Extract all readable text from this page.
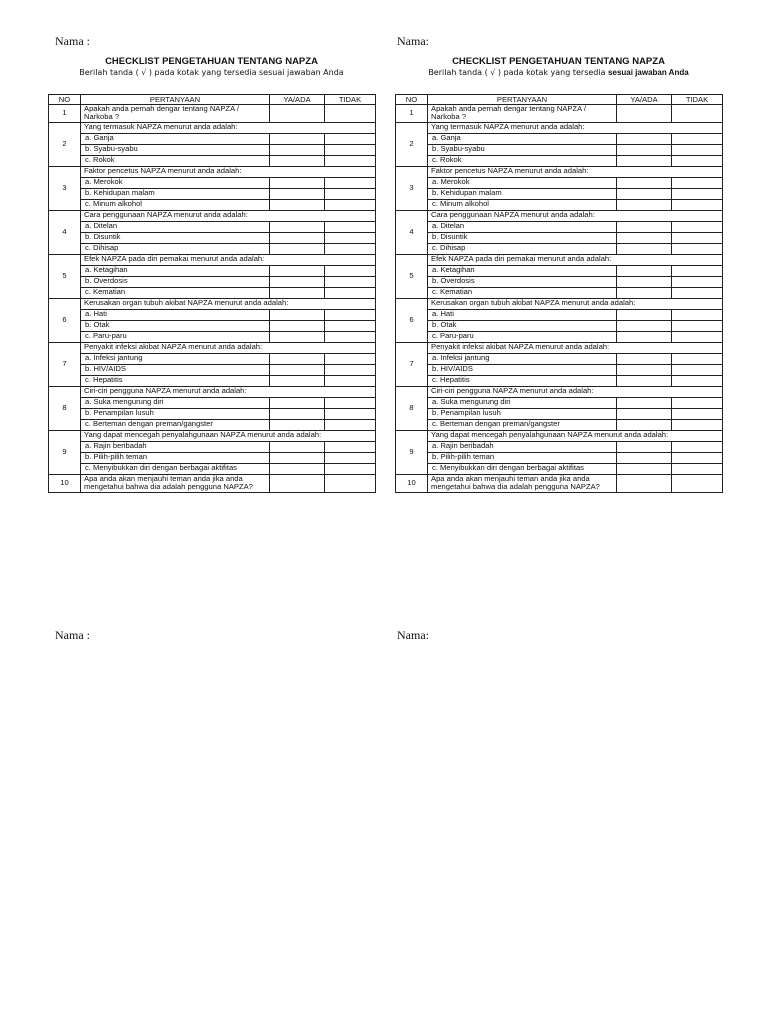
Nama :	Nama:
CHECKLIST PENGETAHUAN TENTANG NAPZA
Berilah tanda ( √ ) pada kotak yang tersedia sesuai jawaban Anda
NO	PERTANYAAN	YA/ADA	TIDAK
1	Apakah anda pernah dengar tentang NAPZA / Narkoba ?		
2	Yang termasuk NAPZA menurut anda adalah:		
	a. Ganja		
	b. Syabu-syabu		
	c. Rokok		
3	Faktor pencetus NAPZA menurut anda adalah:		
	a. Merokok		
	b. Kehidupan malam		
	c. Minum alkohol		
4	Cara penggunaan NAPZA menurut anda adalah:		
	a. Ditelan		
	b. Disuntik		
	c. Dihisap		
5	Efek NAPZA pada diri pemakai menurut anda adalah:		
	a. Ketagihan		
	b. Overdosis		
	c. Kematian		
6	Kerusakan organ tubuh akibat NAPZA menurut anda adalah:		
	a. Hati		
	b. Otak		
	c. Paru-paru		
7	Penyakit infeksi akibat NAPZA menurut anda adalah:		
	a. Infeksi jantung		
	b. HIV/AIDS		
	c. Hepatitis		
8	Ciri-ciri pengguna NAPZA menurut anda adalah:		
	a. Suka mengurung diri		
	b. Penampilan lusuh		
	c. Berteman dengan preman/gangster		
9	Yang dapat mencegah penyalahgunaan NAPZA menurut anda adalah:		
	a. Rajin beribadah		
	b. Pilih-pilih teman		
	c. Menyibukkan diri dengan berbagai aktifitas		
10	Apa anda akan menjauhi teman anda jika anda mengetahui bahwa dia adalah pengguna NAPZA?		
CHECKLIST PENGETAHUAN TENTANG NAPZA
Berilah tanda ( √ ) pada kotak yang tersedia sesuai jawaban Anda
NO	PERTANYAAN	YA/ADA	TIDAK
1	Apakah anda pernah dengar tentang NAPZA / Narkoba ?		
2	Yang termasuk NAPZA menurut anda adalah:		
	a. Ganja		
	b. Syabu-syabu		
	c. Rokok		
3	Faktor pencetus NAPZA menurut anda adalah:		
	a. Merokok		
	b. Kehidupan malam		
	c. Minum alkohol		
4	Cara penggunaan NAPZA menurut anda adalah:		
	a. Ditelan		
	b. Disuntik		
	c. Dihisap		
5	Efek NAPZA pada diri pemakai menurut anda adalah:		
	a. Ketagihan		
	b. Overdosis		
	c. Kematian		
6	Kerusakan organ tubuh akibat NAPZA menurut anda adalah:		
	a. Hati		
	b. Otak		
	c. Paru-paru		
7	Penyakit infeksi akibat NAPZA menurut anda adalah:		
	a. Infeksi jantung		
	b. HIV/AIDS		
	c. Hepatitis		
8	Ciri-ciri pengguna NAPZA menurut anda adalah:		
	a. Suka mengurung diri		
	b. Penampilan lusuh		
	c. Berteman dengan preman/gangster		
9	Yang dapat mencegah penyalahgunaan NAPZA menurut anda adalah:		
	a. Rajin beribadah		
	b. Pilih-pilih teman		
	c. Menyibukkan diri dengan berbagai aktifitas		
10	Apa anda akan menjauhi teman anda jika anda mengetahui bahwa dia adalah pengguna NAPZA?		
Nama :	Nama:
